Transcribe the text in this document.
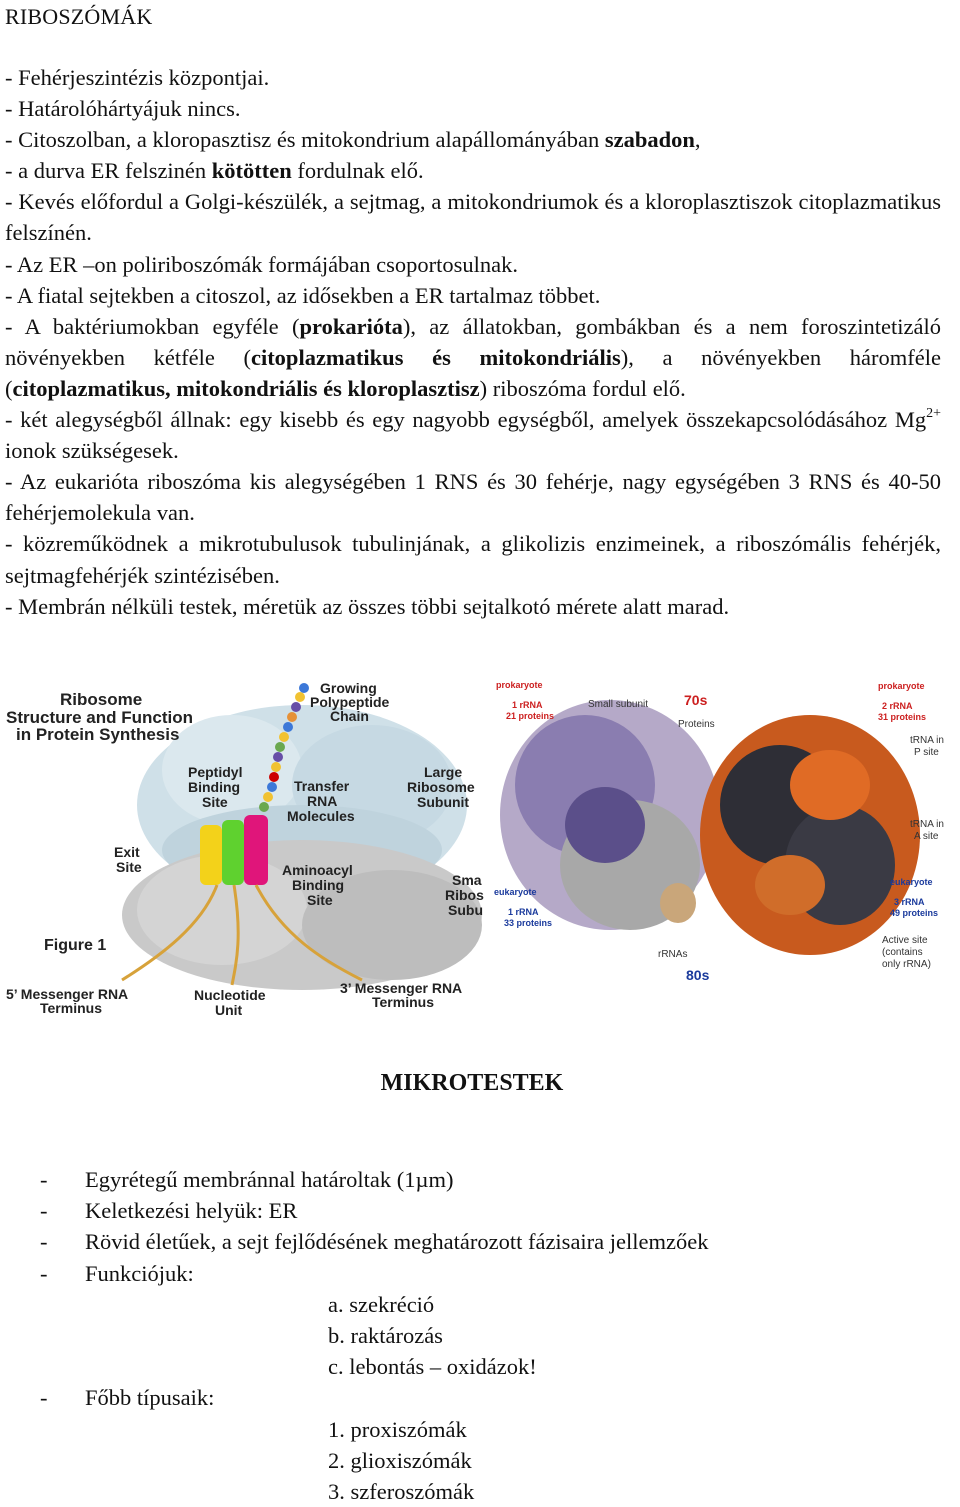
RIBOSZÓMÁK

- Fehérjeszintézis központjai.

- Határolóhártyájuk nincs.

- Citoszolban, a kloropasztisz és mitokondrium alapállományában szabadon,

- a durva ER felszinén kötötten fordulnak elő.

- Kevés előfordul a Golgi-készülék, a sejtmag, a mitokondriumok és a kloroplasztiszok citoplazmatikus felszínén.

- Az ER –on poliriboszómák formájában csoportosulnak.

- A fiatal sejtekben a citoszol, az idősekben a ER tartalmaz többet.

- A baktériumokban egyféle (prokarióta), az állatokban, gombákban és a nem foroszintetizáló növényekben kétféle (citoplazmatikus és mitokondriális), a növényekben háromféle (citoplazmatikus, mitokondriális és kloroplasztisz) riboszóma fordul elő.

- két alegységből állnak: egy kisebb és egy nagyobb egységből, amelyek összekapcsolódásához $Mg^{2+}$ ionok szükségesek.

- Az eukarióta riboszóma kis alegységében 1 RNS és 30 fehérje, nagy egységében 3 RNS és 40-50 fehérjemolekula van.

- közreműködnek a mikrotubulusok tubulinjának, a glikolizis enzimeinek, a riboszómális fehérjék, sejtmagfehérjék szintézisében.

- Membrán nélküli testek, méretük az összes többi sejtalkotó mérete alatt marad.

Ribosome
Structure and Function
in Protein Synthesis
Growing
Polypeptide
Chain
Peptidyl
Binding
Site
Transfer
RNA
Molecules
Large
Ribosome
Subunit
Exit
Site	Aminoacyl
Binding
Site
Sma
Ribos
Subu
Figure 1
5’ Messenger RNA
Terminus
Nucleotide
Unit
3’ Messenger RNA
Terminus
prokaryote
1 rRNA
21 proteins
Small subunit	70s
prokaryote
2 rRNA
31 proteins
Proteins
tRNA in
P site
tRNA in
A site
eukaryote
1 rRNA
33 proteins
eukaryote
3 rRNA
49 proteins
rRNAs
Active site
(contains
only rRNA)
80s
MIKROTESTEK
- Egyrétegű membránnal határoltak (1µm)
- Keletkezési helyük: ER
- Rövid életűek, a sejt fejlődésének meghatározott fázisaira jellemzőek
- Funkciójuk:
a. szekréció
b. raktározás
c. lebontás – oxidázok!
- Főbb típusaik:
1. proxiszómák
2. glioxiszómák
3. szferoszómák
